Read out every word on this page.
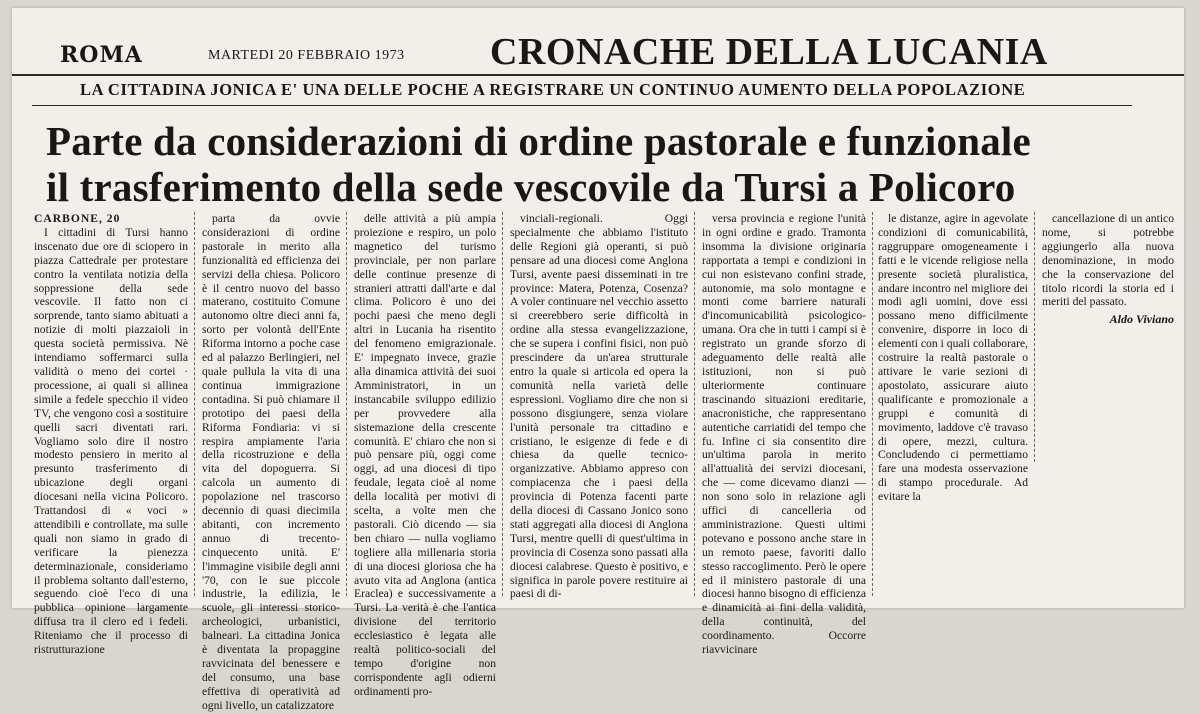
ROMA	MARTEDI 20 FEBBRAIO 1973 CRONACHE DELLA LUCANIA
LA CITTADINA JONICA E' UNA DELLE POCHE A REGISTRARE UN CONTINUO AUMENTO DELLA POPOLAZIONE
Parte da considerazioni di ordine pastorale e funzionale
il trasferimento della sede vescovile da Tursi a Policoro
CARBONE, 20

I cittadini di Tursi hanno inscenato due ore di sciopero in piazza Cattedrale per protestare contro la ventilata notizia della soppressione della sede vescovile. Il fatto non ci sorprende, tanto siamo abituati a notizie di molti piazzaioli in questa società permissiva. Nè intendiamo soffermarci sulla validità o meno dei cortei · processione, ai quali si allinea simile a fedele specchio il video TV, che vengono così a sostituire quelli sacri diventati rari. Vogliamo solo dire il nostro modesto pensiero in merito al presunto trasferimento di ubicazione degli organi diocesani nella vicina Policoro. Trattandosi di « voci » attendibili e controllate, ma sulle quali non siamo in grado di verificare la pienezza determinazionale, consideriamo il problema soltanto dall'esterno, seguendo cioè l'eco di una pubblica opinione largamente diffusa tra il clero ed i fedeli. Riteniamo che il processo di ristrutturazione

parta da ovvie considerazioni di ordine pastorale in merito alla funzionalità ed efficienza dei servizi della chiesa. Policoro è il centro nuovo del basso materano, costituito Comune autonomo oltre dieci anni fa, sorto per volontà dell'Ente Riforma intorno a poche case ed al palazzo Berlingieri, nel quale pullula la vita di una continua immigrazione contadina. Si può chiamare il prototipo dei paesi della Riforma Fondiaria: vi si respira ampiamente l'aria della ricostruzione e della vita del dopoguerra. Si calcola un aumento di popolazione nel trascorso decennio di quasi diecimila abitanti, con incremento annuo di trecento-cinquecento unità. E' l'immagine visibile degli anni '70, con le sue piccole industrie, la edilizia, le scuole, gli interessi storico-archeologici, urbanistici, balneari. La cittadina Jonica è diventata la propaggine ravvicinata del benessere e del consumo, una base effettiva di operatività ad ogni livello, un catalizzatore

delle attività a più ampia proiezione e respiro, un polo magnetico del turismo provinciale, per non parlare delle continue presenze di stranieri attratti dall'arte e dal clima. Policoro è uno dei pochi paesi che meno degli altri in Lucania ha risentito del fenomeno emigrazionale. E' impegnato invece, grazie alla dinamica attività dei suoi Amministratori, in un instancabile sviluppo edilizio per provvedere alla sistemazione della crescente comunità. E' chiaro che non si può pensare più, oggi come oggi, ad una diocesi di tipo feudale, legata cioè al nome della località per motivi di scelta, a volte men che pastorali. Ciò dicendo — sia ben chiaro — nulla vogliamo togliere alla millenaria storia di una diocesi gloriosa che ha avuto vita ad Anglona (antica Eraclea) e successivamente a Tursi. La verità è che l'antica divisione del territorio ecclesiastico è legata alle realtà politico-sociali del tempo d'origine non corrispondente agli odierni ordinamenti pro-

vinciali-regionali. Oggi specialmente che abbiamo l'istituto delle Regioni già operanti, si può pensare ad una diocesi come Anglona Tursi, avente paesi disseminati in tre province: Matera, Potenza, Cosenza? A voler continuare nel vecchio assetto si creerebbero serie difficoltà in ordine alla stessa evangelizzazione, che se supera i confini fisici, non può prescindere da un'area strutturale entro la quale si articola ed opera la comunità nella varietà delle espressioni. Vogliamo dire che non si possono disgiungere, senza violare l'unità personale tra cittadino e cristiano, le esigenze di fede e di chiesa da quelle tecnico-organizzative. Abbiamo appreso con compiacenza che i paesi della provincia di Potenza facenti parte della diocesi di Cassano Jonico sono stati aggregati alla diocesi di Anglona Tursi, mentre quelli di quest'ultima in provincia di Cosenza sono passati alla diocesi calabrese. Questo è positivo, e significa in parole povere restituire ai paesi di di-

versa provincia e regione l'unità in ogni ordine e grado. Tramonta insomma la divisione originaria rapportata a tempi e condizioni in cui non esistevano confini strade, autonomie, ma solo montagne e monti come barriere naturali d'incomunicabilità psicologico-umana. Ora che in tutti i campi si è registrato un grande sforzo di adeguamento delle realtà alle istituzioni, non si può ulteriormente continuare trascinando situazioni ereditarie, anacronistiche, che rappresentano autentiche carriatidi del tempo che fu. Infine ci sia consentito dire un'ultima parola in merito all'attualità dei servizi diocesani, che — come dicevamo dianzi — non sono solo in relazione agli uffici di cancelleria od amministrazione. Questi ultimi potevano e possono anche stare in un remoto paese, favoriti dallo stesso raccoglimento. Però le opere ed il ministero pastorale di una diocesi hanno bisogno di efficienza e dinamicità ai fini della validità, della continuità, del coordinamento. Occorre riavvicinare

le distanze, agire in agevolate condizioni di comunicabilità, raggruppare omogeneamente i fatti e le vicende religiose nella presente società pluralistica, andare incontro nel migliore dei modi agli uomini, dove essi possano meno difficilmente convenire, disporre in loco di elementi con i quali collaborare, costruire la realtà pastorale o attivare le varie sezioni di apostolato, assicurare aiuto qualificante e promozionale a gruppi e comunità di movimento, laddove c'è travaso di opere, mezzi, cultura. Concludendo ci permettiamo fare una modesta osservazione di stampo procedurale. Ad evitare la

cancellazione di un antico nome, si potrebbe aggiungerlo alla nuova denominazione, in modo che la conservazione del titolo ricordi la storia ed i meriti del passato.

Aldo Viviano
